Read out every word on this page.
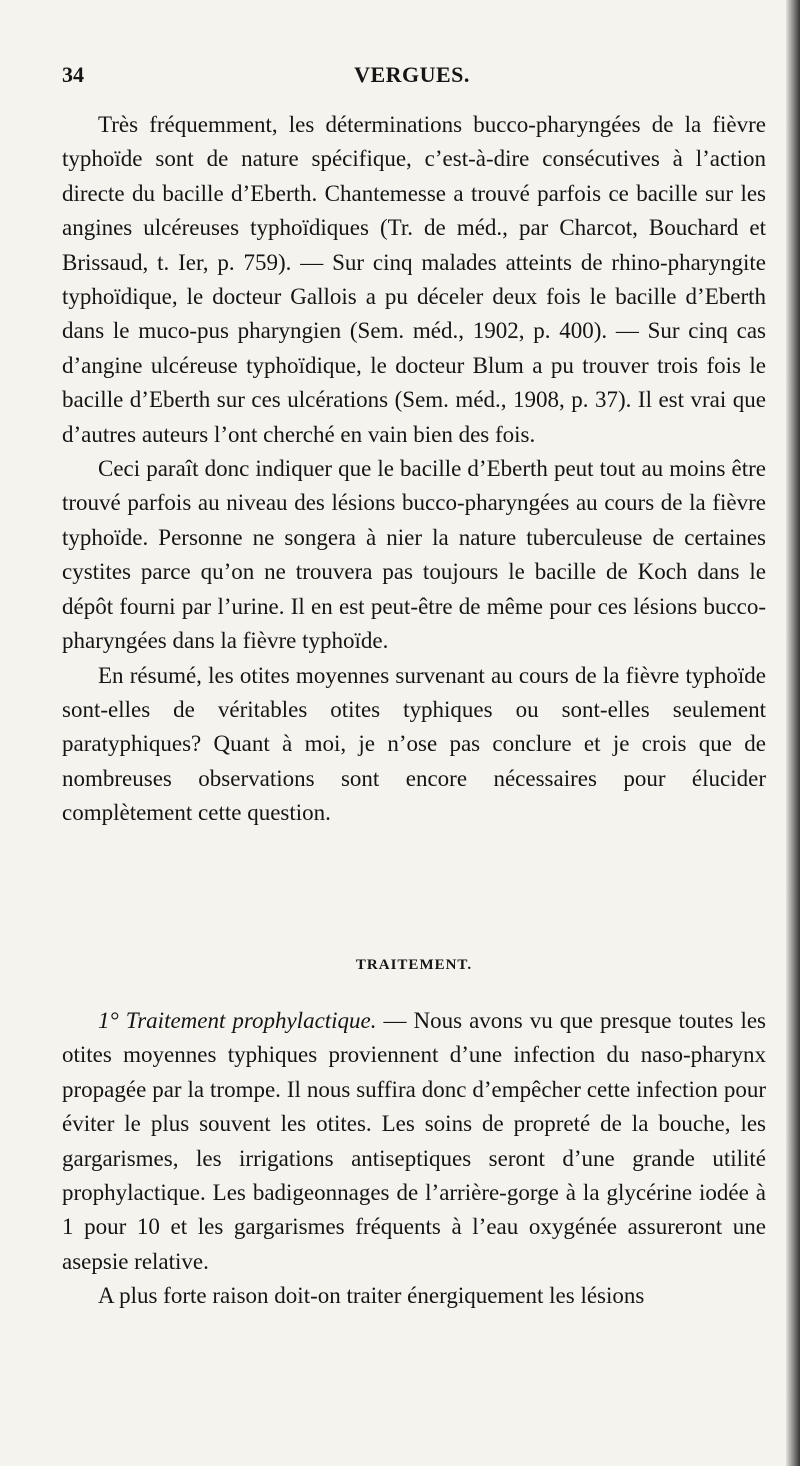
34	VERGUES.

Très fréquemment, les déterminations bucco-pharyngées de la fièvre typhoïde sont de nature spécifique, c’est-à-dire consécutives à l’action directe du bacille d’Eberth. Chantemesse a trouvé parfois ce bacille sur les angines ulcéreuses typhoïdiques (Tr. de méd., par Charcot, Bouchard et Brissaud, t. Ier, p. 759). — Sur cinq malades atteints de rhino-pharyngite typhoïdique, le docteur Gallois a pu déceler deux fois le bacille d’Eberth dans le muco-pus pharyngien (Sem. méd., 1902, p. 400). — Sur cinq cas d’angine ulcéreuse typhoïdique, le docteur Blum a pu trouver trois fois le bacille d’Eberth sur ces ulcérations (Sem. méd., 1908, p. 37). Il est vrai que d’autres auteurs l’ont cherché en vain bien des fois.

Ceci paraît donc indiquer que le bacille d’Eberth peut tout au moins être trouvé parfois au niveau des lésions bucco-pharyngées au cours de la fièvre typhoïde. Personne ne songera à nier la nature tuberculeuse de certaines cystites parce qu’on ne trouvera pas toujours le bacille de Koch dans le dépôt fourni par l’urine. Il en est peut-être de même pour ces lésions bucco-pharyngées dans la fièvre typhoïde.

En résumé, les otites moyennes survenant au cours de la fièvre typhoïde sont-elles de véritables otites typhiques ou sont-elles seulement paratyphiques? Quant à moi, je n’ose pas conclure et je crois que de nombreuses observations sont encore nécessaires pour élucider complètement cette question.

TRAITEMENT.

1° Traitement prophylactique. — Nous avons vu que presque toutes les otites moyennes typhiques proviennent d’une infection du naso-pharynx propagée par la trompe. Il nous suffira donc d’empêcher cette infection pour éviter le plus souvent les otites. Les soins de propreté de la bouche, les gargarismes, les irrigations antiseptiques seront d’une grande utilité prophylactique. Les badigeonnages de l’arrière-gorge à la glycérine iodée à 1 pour 10 et les gargarismes fréquents à l’eau oxygénée assureront une asepsie relative.

A plus forte raison doit-on traiter énergiquement les lésions
